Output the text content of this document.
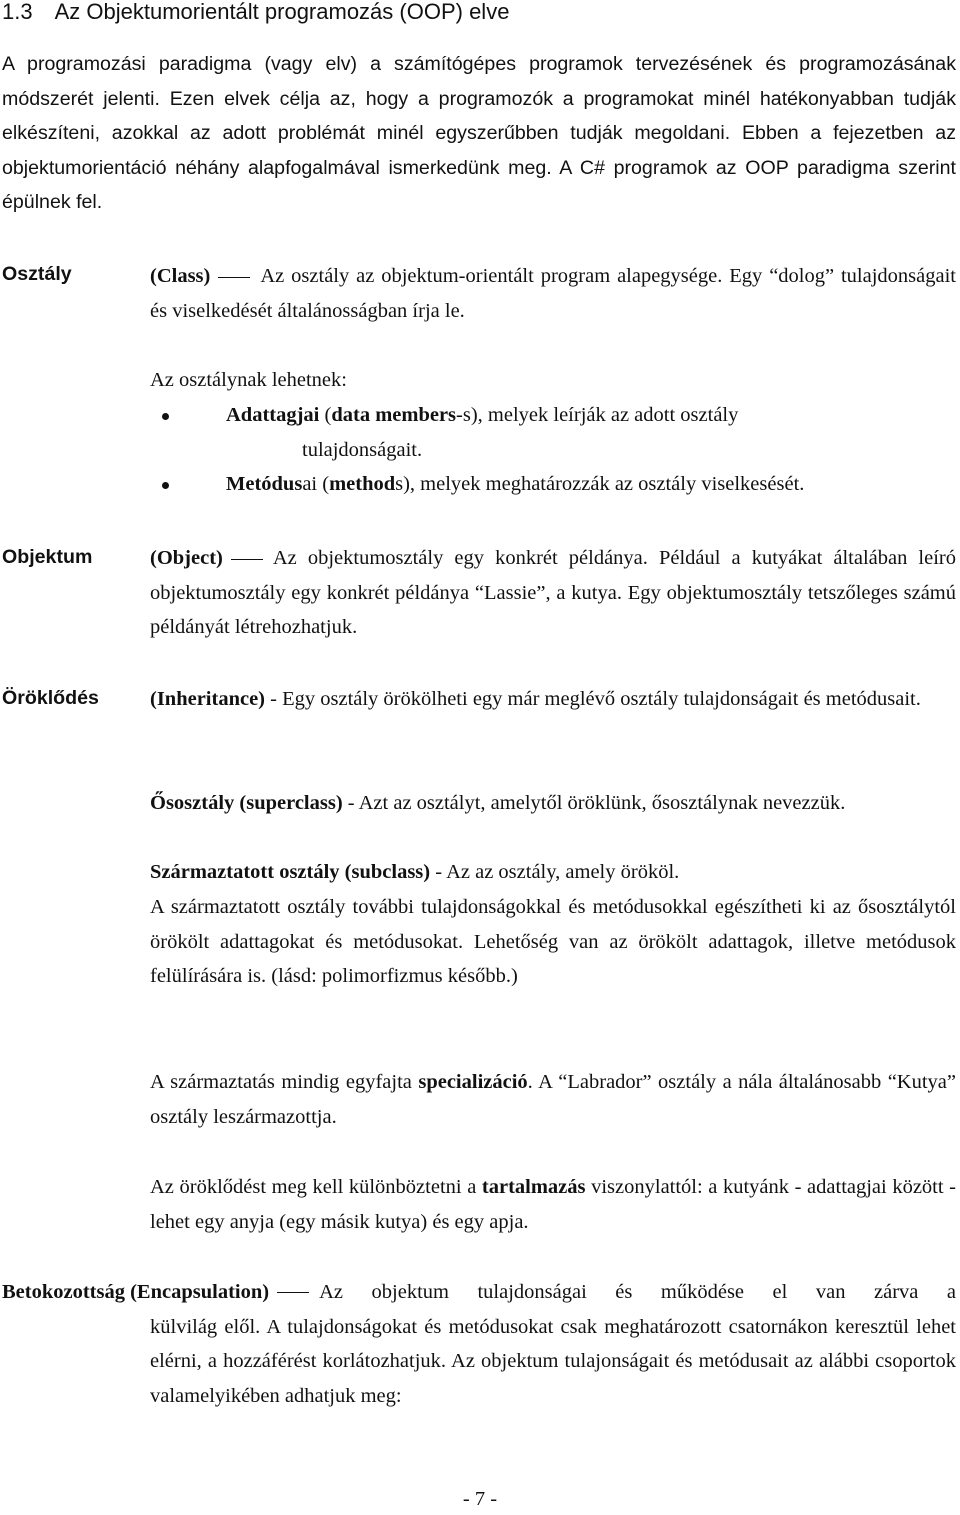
1.3 Az Objektumorientált programozás (OOP) elve

A programozási paradigma (vagy elv) a számítógépes programok tervezésének és programozásának módszerét jelenti. Ezen elvek célja az, hogy a programozók a programokat minél hatékonyabban tudják elkészíteni, azokkal az adott problémát minél egyszerűbben tudják megoldani. Ebben a fejezetben az objektumorientáció néhány alapfogalmával ismerkedünk meg. A C# programok az OOP paradigma szerint épülnek fel.

Osztály	(Class) Az osztály az objektum-orientált program alapegysége. Egy “dolog” tulajdonságait és viselkedését általánosságban írja le.

Az osztálynak lehetnek:

Adattagjai (data members-s), melyek leírják az adott osztály
tulajdonságait.
Metódusai (methods), melyek meghatározzák az osztály viselkesését.

Objektum	(Object) Az objektumosztály egy konkrét példánya. Például a kutyákat általában leíró objektumosztály egy konkrét példánya “Lassie”, a kutya. Egy objektumosztály tetszőleges számú példányát létrehozhatjuk.

Öröklődés (Inheritance) - Egy osztály örökölheti egy már meglévő osztály tulajdonságait és metódusait.

Ősosztály (superclass) - Azt az osztályt, amelytől öröklünk, ősosztálynak nevezzük.

Származtatott osztály (subclass) - Az az osztály, amely örököl.

A származtatott osztály további tulajdonságokkal és metódusokkal egészítheti ki az ősosztálytól örökölt adattagokat és metódusokat. Lehetőség van az örökölt adattagok, illetve metódusok felülírására is. (lásd: polimorfizmus később.)

A származtatás mindig egyfajta specializáció. A “Labrador” osztály a nála általánosabb “Kutya” osztály leszármazottja.

Az öröklődést meg kell különböztetni a tartalmazás viszonylattól: a kutyánk - adattagjai között - lehet egy anyja (egy másik kutya) és egy apja.

Betokozottság (Encapsulation) Az objektum tulajdonságai és működése el van zárva a
külvilág elől. A tulajdonságokat és metódusokat csak meghatározott csatornákon keresztül lehet elérni, a hozzáférést korlátozhatjuk. Az objektum tulajonságait és metódusait az alábbi csoportok valamelyikében adhatjuk meg:
- 7 -
